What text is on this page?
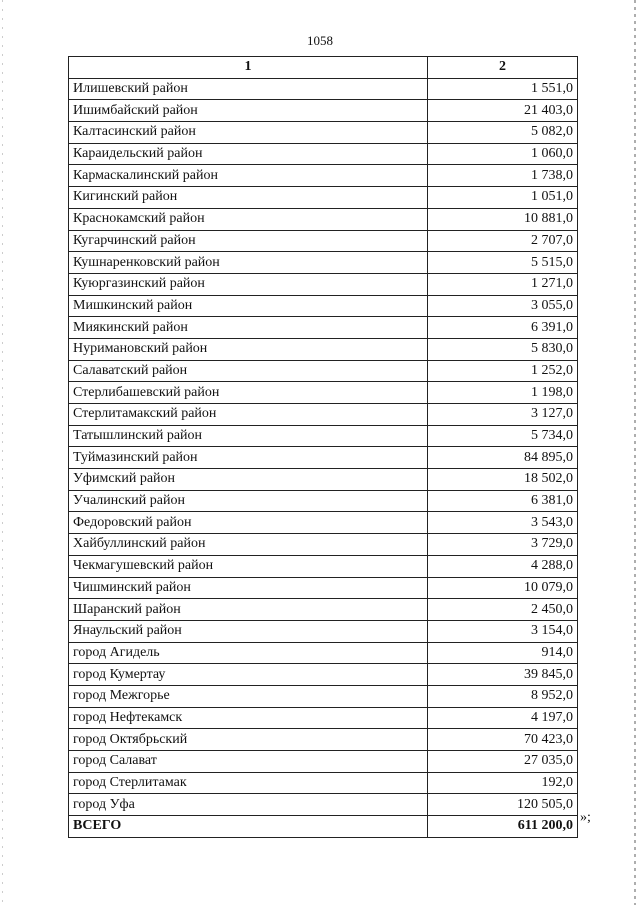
1058
1	2
Илишевский район	1 551,0
Ишимбайский район	21 403,0
Калтасинский район	5 082,0
Караидельский район	1 060,0
Кармаскалинский район	1 738,0
Кигинский район	1 051,0
Краснокамский район	10 881,0
Кугарчинский район	2 707,0
Кушнаренковский район	5 515,0
Куюргазинский район	1 271,0
Мишкинский район	3 055,0
Миякинский район	6 391,0
Нуримановский район	5 830,0
Салаватский район	1 252,0
Стерлибашевский район	1 198,0
Стерлитамакский район	3 127,0
Татышлинский район	5 734,0
Туймазинский район	84 895,0
Уфимский район	18 502,0
Учалинский район	6 381,0
Федоровский район	3 543,0
Хайбуллинский район	3 729,0
Чекмагушевский район	4 288,0
Чишминский район	10 079,0
Шаранский район	2 450,0
Янаульский район	3 154,0
город Агидель	914,0
город Кумертау	39 845,0
город Межгорье	8 952,0
город Нефтекамск	4 197,0
город Октябрьский	70 423,0
город Салават	27 035,0
город Стерлитамак	192,0
город Уфа	120 505,0
ВСЕГО	611 200,0
»;
